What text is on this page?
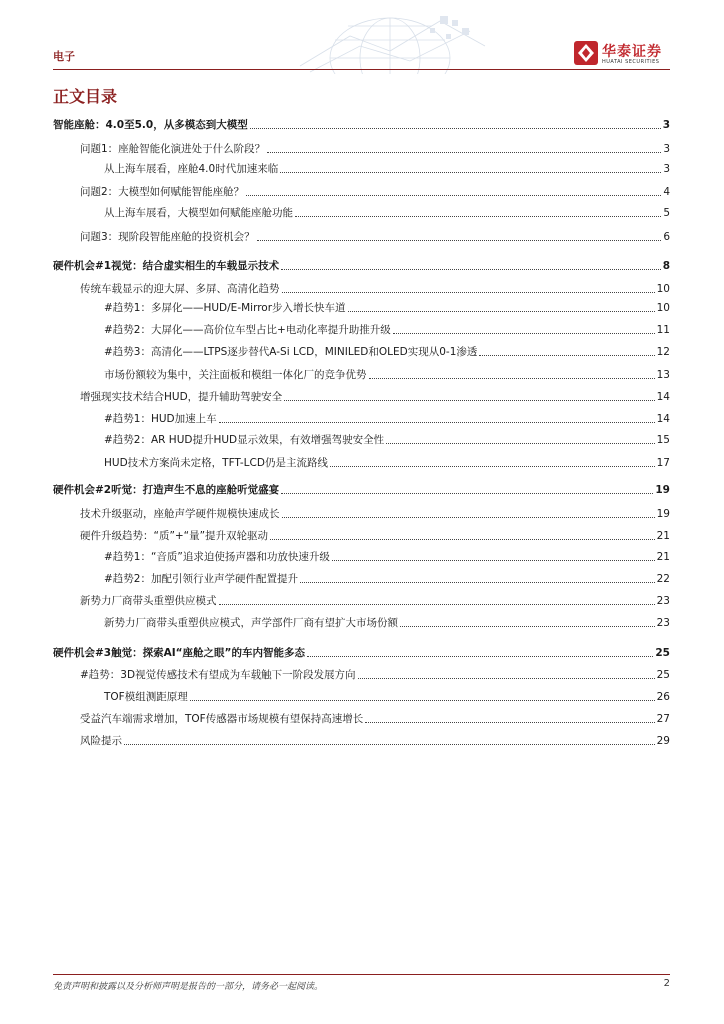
电子	华泰证券
HUATAI SECURITIES
正文目录
智能座舱：4.0至5.0，从多模态到大模型	3
问题1：座舱智能化演进处于什么阶段？	3
从上海车展看，座舱4.0时代加速来临	3
问题2：大模型如何赋能智能座舱？	4
从上海车展看，大模型如何赋能座舱功能	5
问题3：现阶段智能座舱的投资机会？	6
硬件机会#1视觉：结合虚实相生的车载显示技术	8
传统车载显示的迎大屏、多屏、高清化趋势	10
#趋势1：多屏化——HUD/E-Mirror步入增长快车道	10
#趋势2：大屏化——高价位车型占比+电动化率提升助推升级	11
#趋势3：高清化——LTPS逐步替代A-Si LCD，MINILED和OLED实现从0-1渗透	12
市场份额较为集中，关注面板和模组一体化厂的竞争优势	13
增强现实技术结合HUD，提升辅助驾驶安全	14
#趋势1：HUD加速上车	14
#趋势2：AR HUD提升HUD显示效果，有效增强驾驶安全性	15
HUD技术方案尚未定格，TFT-LCD仍是主流路线	17
硬件机会#2听觉：打造声生不息的座舱听觉盛宴	19
技术升级驱动，座舱声学硬件规模快速成长	19
硬件升级趋势：“质”+“量”提升双轮驱动	21
#趋势1：“音质”追求迫使扬声器和功放快速升级	21
#趋势2：加配引领行业声学硬件配置提升	22
新势力厂商带头重塑供应模式	23
新势力厂商带头重塑供应模式，声学部件厂商有望扩大市场份额	23
硬件机会#3触觉：探索AI“座舱之眼”的车内智能多态	25
#趋势：3D视觉传感技术有望成为车载触下一阶段发展方向	25
TOF模组测距原理	26
受益汽车端需求增加，TOF传感器市场规模有望保持高速增长	27
风险提示	29
免责声明和披露以及分析师声明是报告的一部分，请务必一起阅读。	2
